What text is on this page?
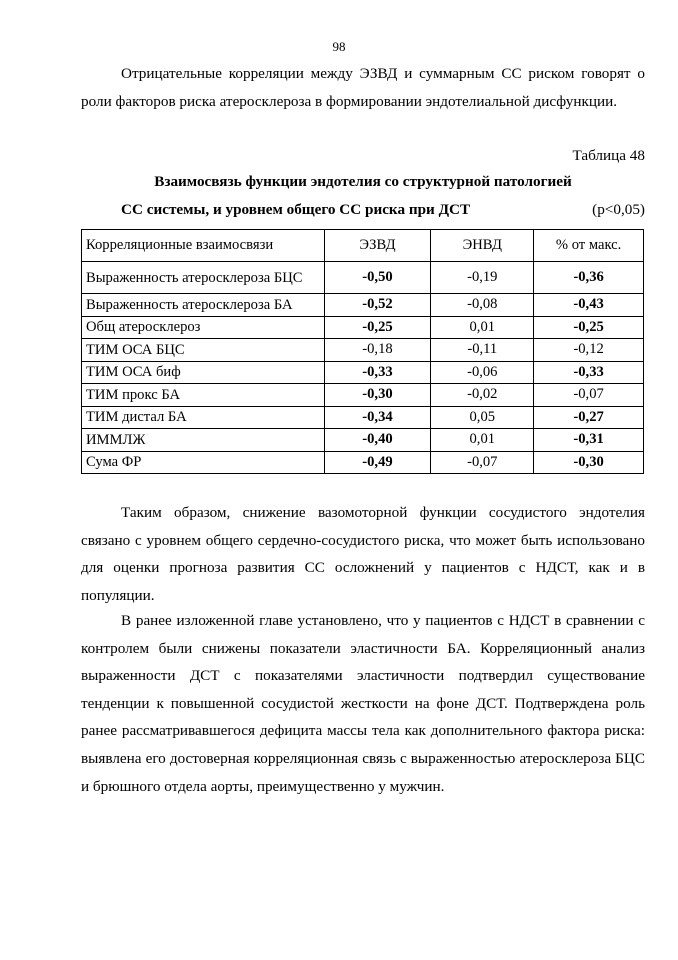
98

Отрицательные корреляции между ЭЗВД и суммарным СС риском говорят о роли факторов риска атеросклероза в формировании эндотелиальной дисфункции.

Таблица 48
Взаимосвязь функции эндотелия со структурной патологией
СС системы, и уровнем общего СС риска при ДСТ	(p<0,05)
Корреляционные взаимосвязи	ЭЗВД	ЭНВД	% от макс.
Выраженность атеросклероза БЦС	-0,50	-0,19	-0,36
Выраженность атеросклероза БА	-0,52	-0,08	-0,43
Общ атеросклероз	-0,25	0,01	-0,25
ТИМ ОСА БЦС	-0,18	-0,11	-0,12
ТИМ ОСА биф	-0,33	-0,06	-0,33
ТИМ прокс БА	-0,30	-0,02	-0,07
ТИМ дистал БА	-0,34	0,05	-0,27
ИММЛЖ	-0,40	0,01	-0,31
Сума ФР	-0,49	-0,07	-0,30

Таким образом, снижение вазомоторной функции сосудистого эндотелия связано с уровнем общего сердечно-сосудистого риска, что может быть использовано для оценки прогноза развития СС осложнений у пациентов с НДСТ, как и в популяции.

В ранее изложенной главе установлено, что у пациентов с НДСТ в сравнении с контролем были снижены показатели эластичности БА. Корреляционный анализ выраженности ДСТ с показателями эластичности подтвердил существование тенденции к повышенной сосудистой жесткости на фоне ДСТ. Подтверждена роль ранее рассматривавшегося дефицита массы тела как дополнительного фактора риска: выявлена его достоверная корреляционная связь с выраженностью атеросклероза БЦС и брюшного отдела аорты, преимущественно у мужчин.
